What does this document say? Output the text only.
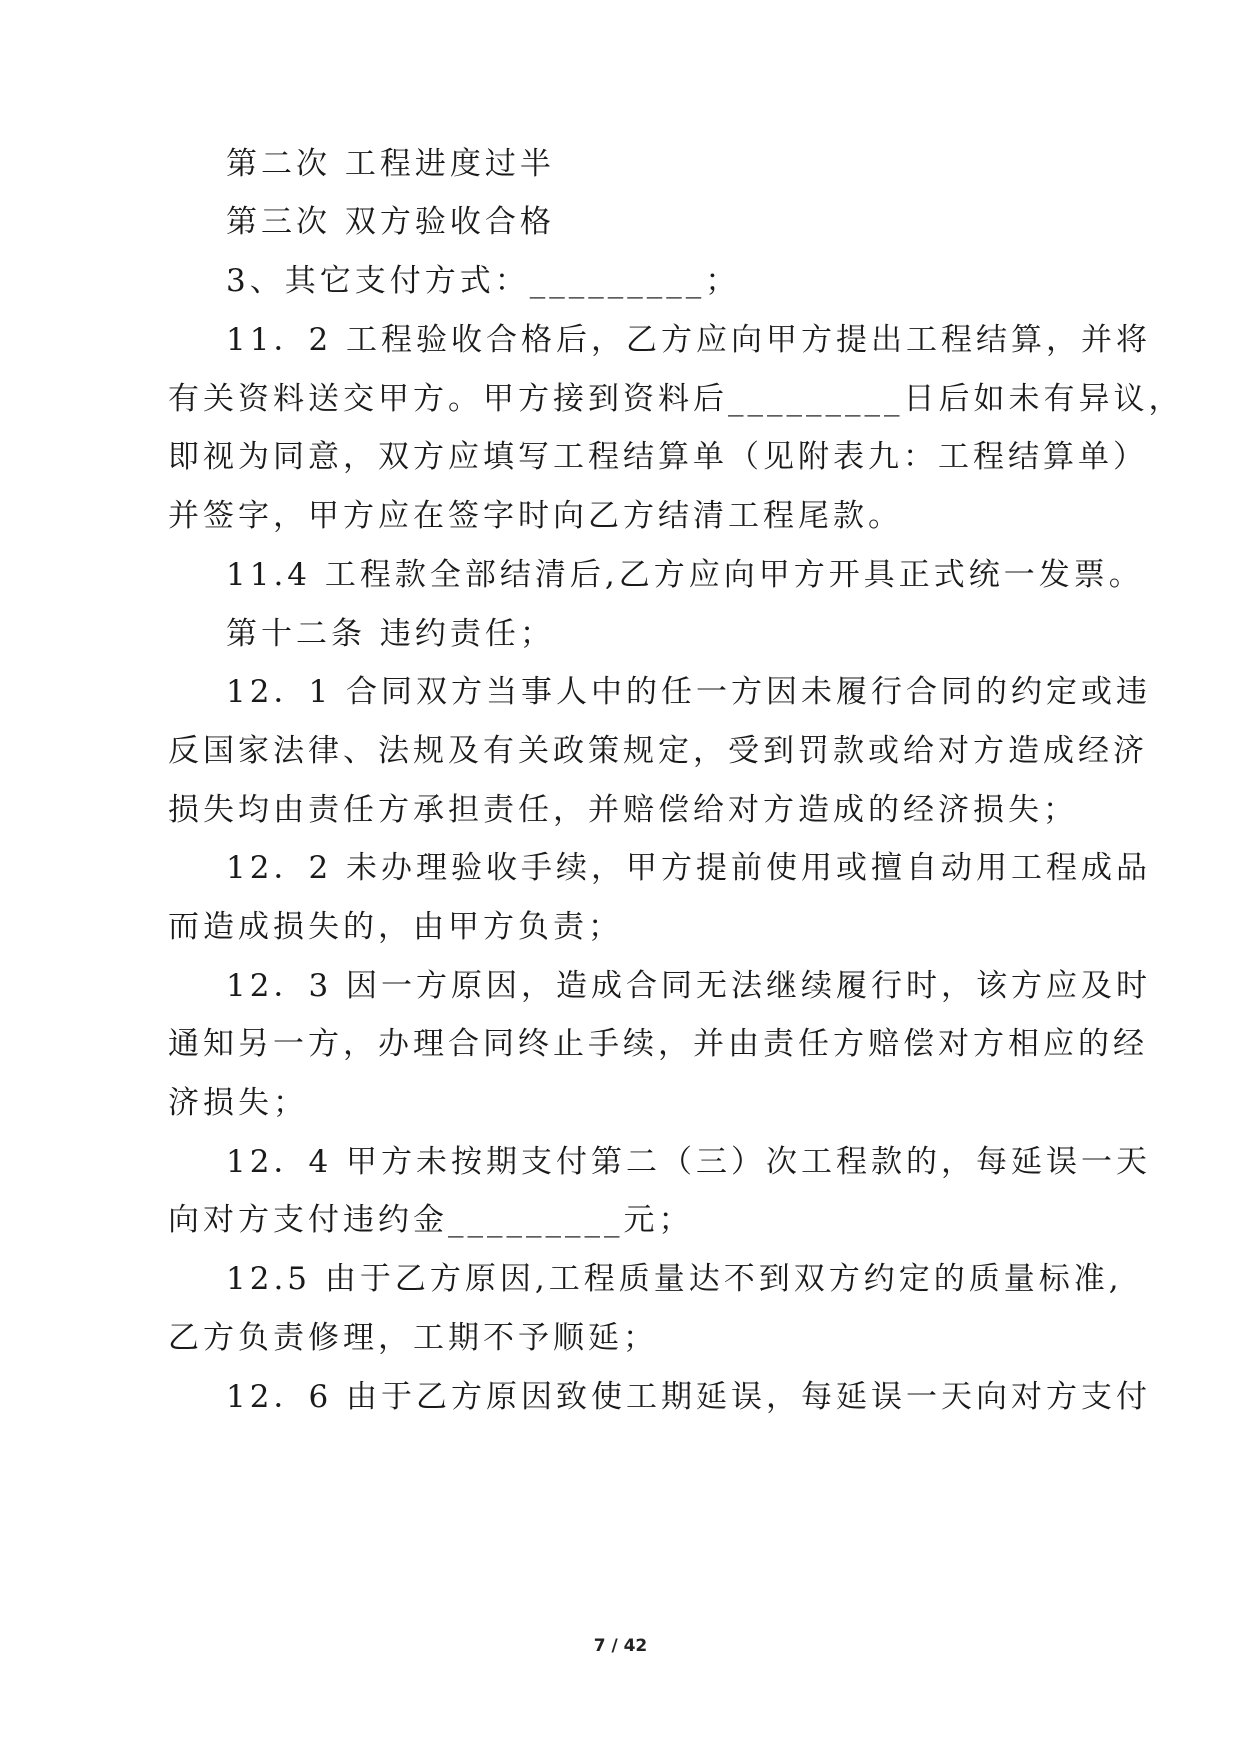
第二次 工程进度过半
第三次 双方验收合格
3、其它支付方式：_________；
11．2 工程验收合格后，乙方应向甲方提出工程结算，并将
有关资料送交甲方。甲方接到资料后_________日后如未有异议，
即视为同意，双方应填写工程结算单（见附表九：工程结算单）
并签字，甲方应在签字时向乙方结清工程尾款。
11.4 工程款全部结清后,乙方应向甲方开具正式统一发票。
第十二条 违约责任；
12．1 合同双方当事人中的任一方因未履行合同的约定或违
反国家法律、法规及有关政策规定，受到罚款或给对方造成经济
损失均由责任方承担责任，并赔偿给对方造成的经济损失；
12．2 未办理验收手续，甲方提前使用或擅自动用工程成品
而造成损失的，由甲方负责；
12．3 因一方原因，造成合同无法继续履行时，该方应及时
通知另一方，办理合同终止手续，并由责任方赔偿对方相应的经
济损失；
12．4 甲方未按期支付第二（三）次工程款的，每延误一天
向对方支付违约金_________元；
12.5 由于乙方原因,工程质量达不到双方约定的质量标准,
乙方负责修理，工期不予顺延；
12．6 由于乙方原因致使工期延误，每延误一天向对方支付
7 / 42
